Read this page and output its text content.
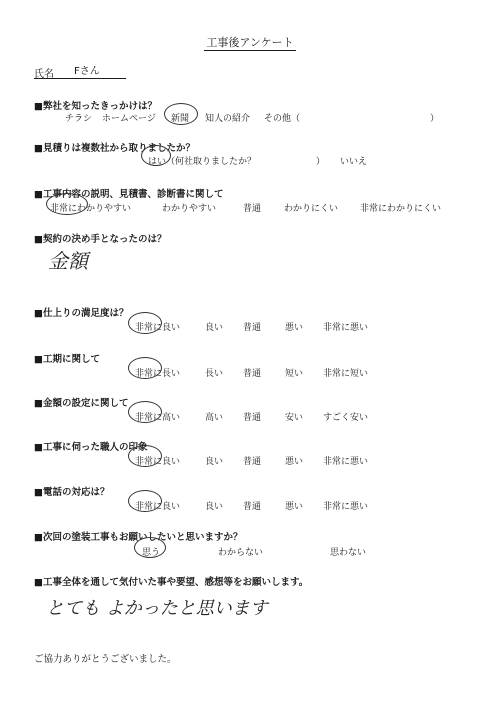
工事後アンケート
氏名 Fさん
■弊社を知ったきっかけは？
チラシ ホームページ 新聞 知人の紹介 その他（	）
■見積りは複数社から取りましたか？
はい（何社取りましたか？	） いいえ
■工事内容の説明、見積書、診断書に関して
非常にわかりやすい	わかりやすい	普通	わかりにくい 非常にわかりにくい
■契約の決め手となったのは？
金額
■仕上りの満足度は？
非常に良い	良い 普通	悪い 非常に悪い
■工期に関して
非常に長い	長い 普通	短い 非常に短い
■金額の設定に関して
非常に高い	高い 普通	安い すごく安い
■工事に伺った職人の印象
非常に良い	良い 普通	悪い 非常に悪い
■電話の対応は？
非常に良い	良い 普通	悪い 非常に悪い
■次回の塗装工事もお願いしたいと思いますか？
思う	わからない	思わない
■工事全体を通して気付いた事や要望、感想等をお願いします。
とても よかったと思います
ご協力ありがとうございました。
